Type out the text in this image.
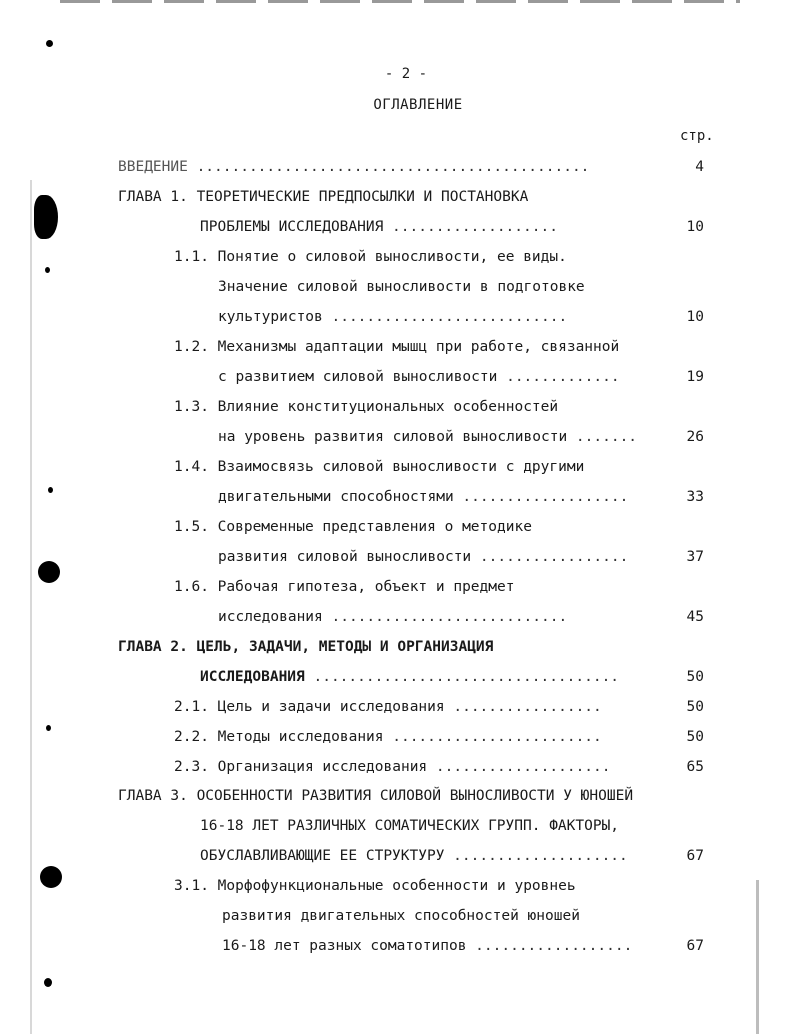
- 2 -
ОГЛАВЛЕНИЕ
стр.
ВВЕДЕНИЕ .............................................	4
ГЛАВА 1. ТЕОРЕТИЧЕСКИЕ ПРЕДПОСЫЛКИ И ПОСТАНОВКА
ПРОБЛЕМЫ ИССЛЕДОВАНИЯ ...................	10
1.1. Понятие о силовой выносливости, ее виды.
Значение силовой выносливости в подготовке
культуристов ...........................	10
1.2. Механизмы адаптации мышц при работе, связанной
с развитием силовой выносливости .............	19
1.3. Влияние конституциональных особенностей
на уровень развития силовой выносливости .......	26
1.4. Взаимосвязь силовой выносливости с другими
двигательными способностями ...................	33
1.5. Современные представления о методике
развития силовой выносливости .................	37
1.6. Рабочая гипотеза, объект и предмет
исследования ...........................	45
ГЛАВА 2. ЦЕЛЬ, ЗАДАЧИ, МЕТОДЫ И ОРГАНИЗАЦИЯ
ИССЛЕДОВАНИЯ ...................................	50
2.1. Цель и задачи исследования .................	50
2.2. Методы исследования ........................	50
2.3. Организация исследования ....................	65
ГЛАВА 3. ОСОБЕННОСТИ РАЗВИТИЯ СИЛОВОЙ ВЫНОСЛИВОСТИ У ЮНОШЕЙ
16-18 ЛЕТ РАЗЛИЧНЫХ СОМАТИЧЕСКИХ ГРУПП. ФАКТОРЫ,
ОБУСЛАВЛИВАЮЩИЕ ЕЕ СТРУКТУРУ ....................	67
3.1. Морфофункциональные особенности и уровнеь
развития двигательных способностей юношей
16-18 лет разных соматотипов ..................	67
